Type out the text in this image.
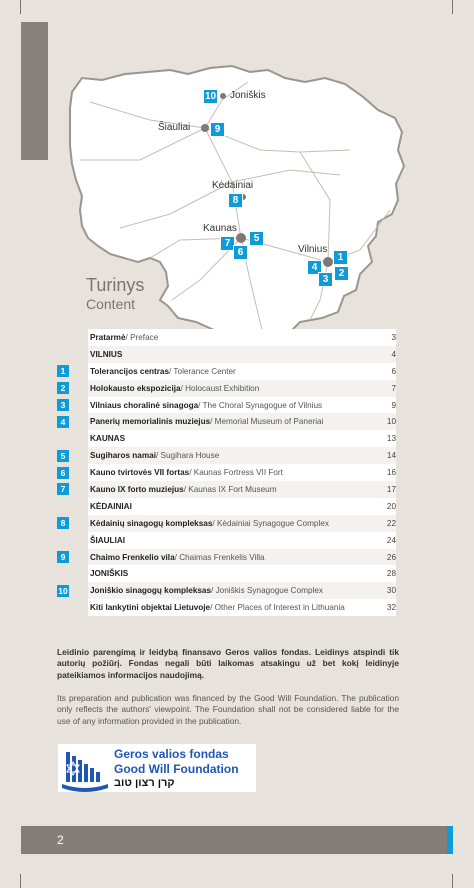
Joniškis
Šiauliai
Kėdainiai
Kaunas
Vilnius
10
9
8
7
6
5
4
3
2
1
Turinys
Content
Pratarmė / Preface	3
VILNIUS	4
1	Tolerancijos centras / Tolerance Center	6
2	Holokausto ekspozicija / Holocaust Exhibition	7
3	Vilniaus choralinė sinagoga / The Choral Synagogue of Vilnius	9
4	Panerių memorialinis muziejus / Memorial Museum of Paneriai	10
KAUNAS	13
5	Sugiharos namai / Sugihara House	14
6	Kauno tvirtovės VII fortas / Kaunas Fortress VII Fort	16
7	Kauno IX forto muziejus / Kaunas IX Fort Museum	17
KĖDAINIAI	20
8	Kėdainių sinagogų kompleksas / Kėdainiai Synagogue Complex	22
ŠIAULIAI	24
9	Chaimo Frenkelio vila / Chaimas Frenkelis Villa	26
JONIŠKIS	28
10	Joniškio sinagogų kompleksas / Joniškis Synagogue Complex	30
Kiti lankytini objektai Lietuvoje / Other Places of Interest in Lithuania	32
Leidinio parengimą ir leidybą finansavo Geros valios fondas. Leidinys atspindi tik autorių požiūrį. Fondas negali būti laikomas atsakingu už bet kokį leidinyje pateikiamos informacijos naudojimą.
Its preparation and publication was financed by the Good Will Foundation. The publication only reflects the authors' viewpoint. The Foundation shall not be considered liable for the use of any information provided in the publication.
Geros valios fondas
Good Will Foundation
קרן רצון טוב
2
